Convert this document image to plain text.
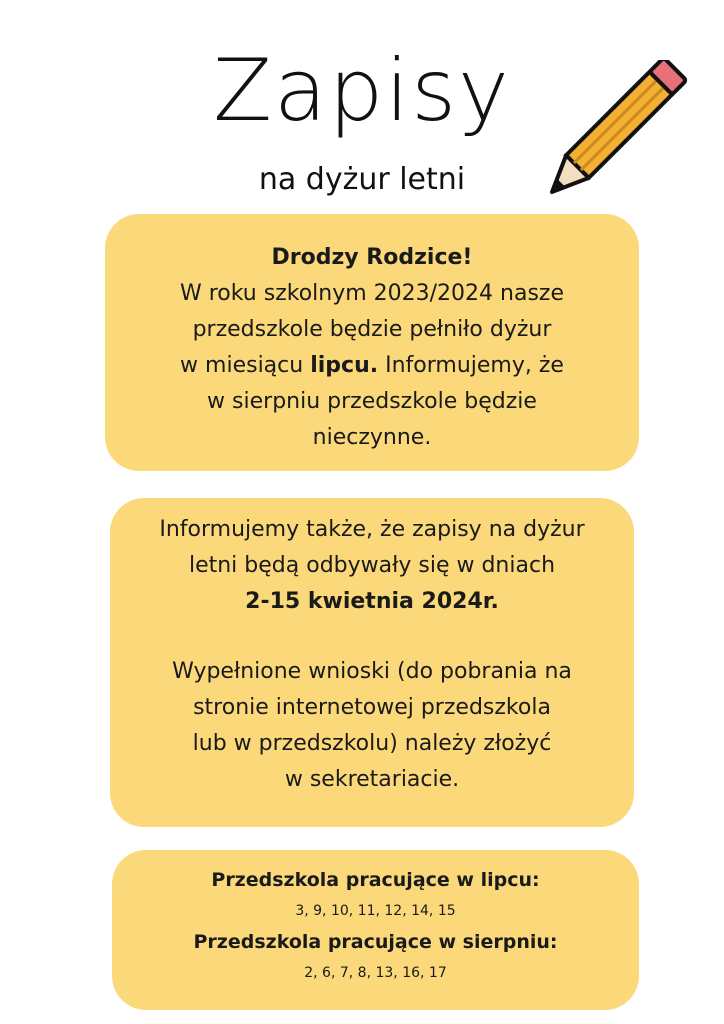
Zapisy
na dyżur letni
Drodzy Rodzice!
W roku szkolnym 2023/2024 nasze
przedszkole będzie pełniło dyżur
w miesiącu lipcu. Informujemy, że
w sierpniu przedszkole będzie
nieczynne.
Informujemy także, że zapisy na dyżur
letni będą odbywały się w dniach
2-15 kwietnia 2024r.
Wypełnione wnioski (do pobrania na
stronie internetowej przedszkola
lub w przedszkolu) należy złożyć
w sekretariacie.
Przedszkola pracujące w lipcu:
3, 9, 10, 11, 12, 14, 15
Przedszkola pracujące w sierpniu:
2, 6, 7, 8, 13, 16, 17
